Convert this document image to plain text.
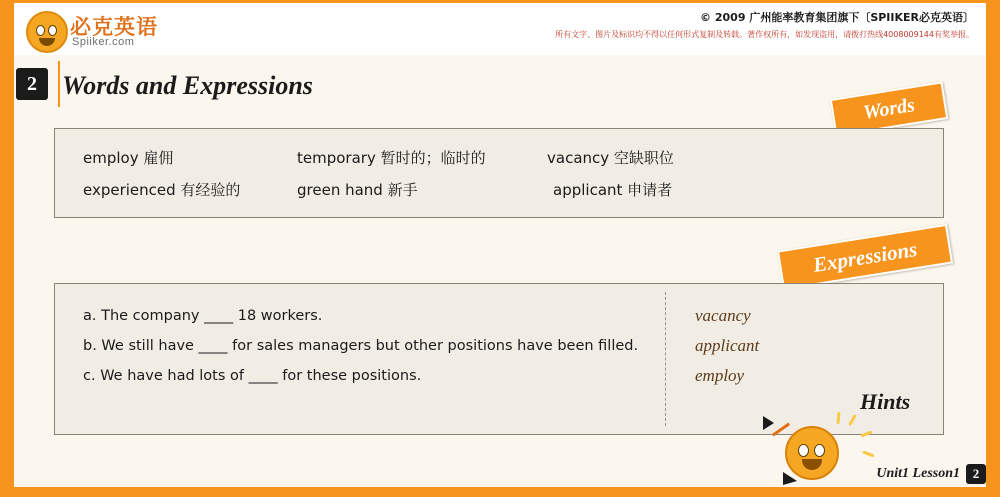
必克英语
Spiiker.com
© 2009 广州能率教育集团旗下〔SPIIKER必克英语〕
所有文字、图片及标识均不得以任何形式复制及转载。著作权所有，如发现盗用，请拨打热线4008009144有奖举报。
2 Words and Expressions
Words
employ 雇佣	temporary 暂时的；临时的	vacancy 空缺职位
experienced 有经验的	green hand 新手	applicant 申请者
Expressions
a. The company ____ 18 workers.
b. We still have ____ for sales managers but other positions have been filled.
c. We have had lots of ____ for these positions.
vacancy
applicant
employ
Hints
Unit1 Lesson1 2
